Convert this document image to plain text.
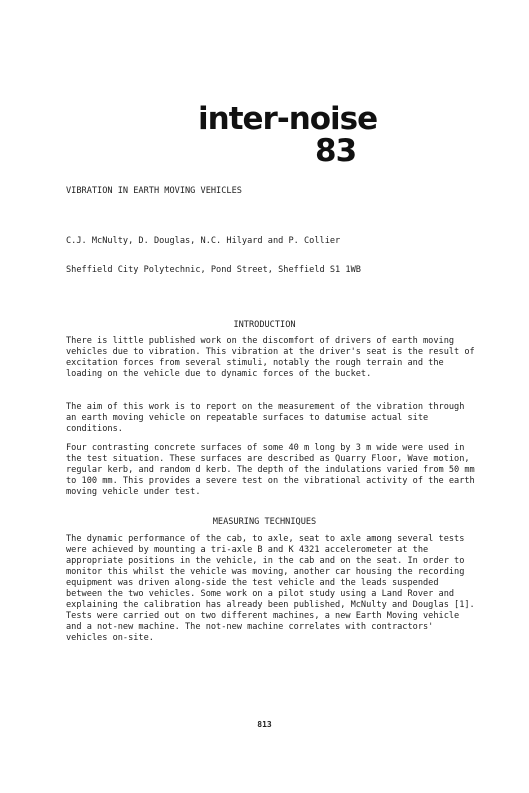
inter-noise
83
VIBRATION IN EARTH MOVING VEHICLES
C.J. McNulty, D. Douglas, N.C. Hilyard and P. Collier
Sheffield City Polytechnic, Pond Street, Sheffield S1 1WB
INTRODUCTION
There is little published work on the discomfort of drivers of earth moving vehicles due to vibration. This vibration at the driver's seat is the result of excitation forces from several stimuli, notably the rough terrain and the loading on the vehicle due to dynamic forces of the bucket.
The aim of this work is to report on the measurement of the vibration through an earth moving vehicle on repeatable surfaces to datumise actual site conditions.
Four contrasting concrete surfaces of some 40 m long by 3 m wide were used in the test situation. These surfaces are described as Quarry Floor, Wave motion, regular kerb, and random d kerb. The depth of the indulations varied from 50 mm to 100 mm. This provides a severe test on the vibrational activity of the earth moving vehicle under test.
MEASURING TECHNIQUES
The dynamic performance of the cab, to axle, seat to axle among several tests were achieved by mounting a tri-axle B and K 4321 accelerometer at the appropriate positions in the vehicle, in the cab and on the seat. In order to monitor this whilst the vehicle was moving, another car housing the recording equipment was driven along-side the test vehicle and the leads suspended between the two vehicles. Some work on a pilot study using a Land Rover and explaining the calibration has already been published, McNulty and Douglas [1]. Tests were carried out on two different machines, a new Earth Moving vehicle and a not-new machine. The not-new machine correlates with contractors' vehicles on-site.
813
